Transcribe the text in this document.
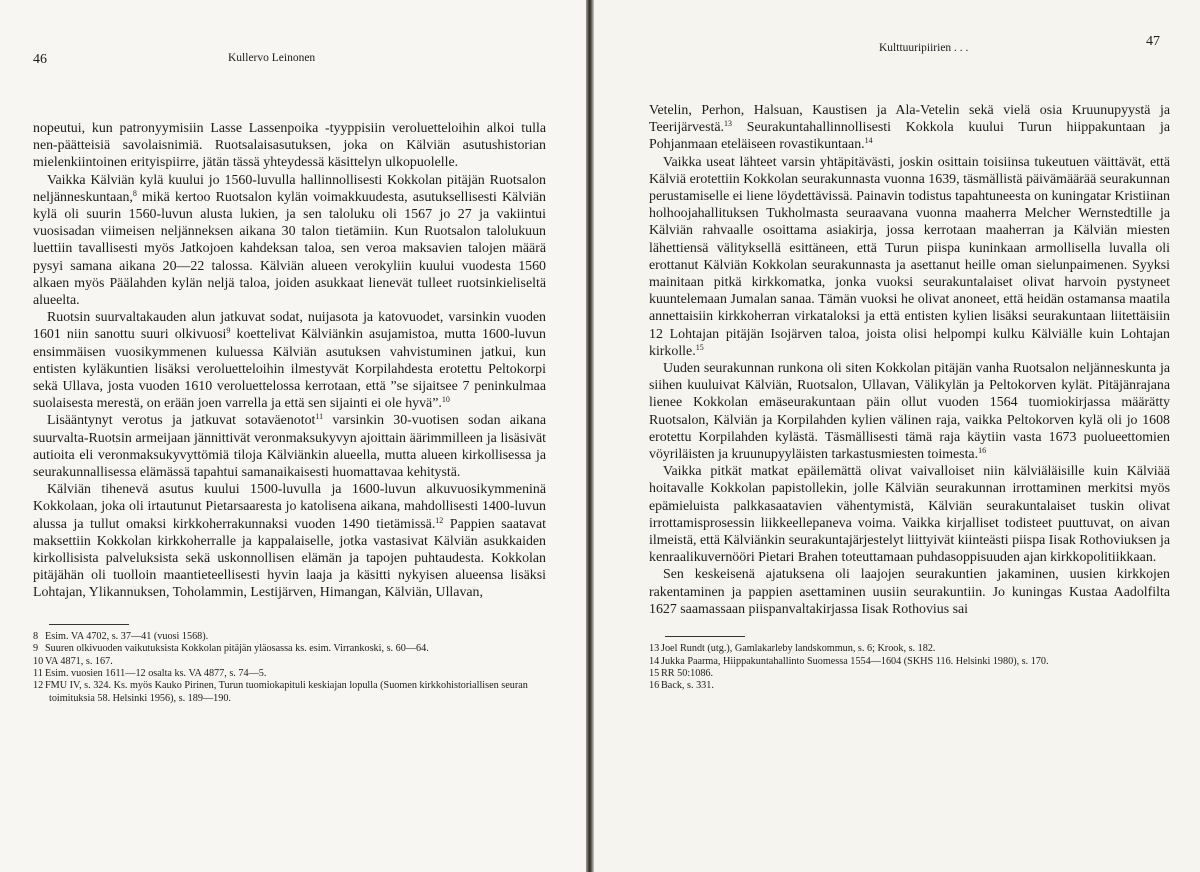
46	Kullervo Leinonen

nopeutui, kun patronyymisiin Lasse Lassenpoika -tyyppisiin veroluetteloihin alkoi tulla nen-päätteisiä savolaisnimiä. Ruotsalaisasutuksen, joka on Kälviän asutushistorian mielenkiintoinen erityispiirre, jätän tässä yhteydessä käsittelyn ulkopuolelle.

Vaikka Kälviän kylä kuului jo 1560-luvulla hallinnollisesti Kokkolan pitäjän Ruotsalon neljänneskuntaan,$^8$ mikä kertoo Ruotsalon kylän voimakkuudesta, asutuksellisesti Kälviän kylä oli suurin 1560-luvun alusta lukien, ja sen taloluku oli 1567 jo 27 ja vakiintui vuosisadan viimeisen neljänneksen aikana 30 talon tietämiin. Kun Ruotsalon talolukuun luettiin tavallisesti myös Jatkojoen kahdeksan taloa, sen veroa maksavien talojen määrä pysyi samana aikana 20—22 talossa. Kälviän alueen verokyliin kuului vuodesta 1560 alkaen myös Päälahden kylän neljä taloa, joiden asukkaat lienevät tulleet ruotsinkieliseltä alueelta.

Ruotsin suurvaltakauden alun jatkuvat sodat, nuijasota ja katovuodet, varsinkin vuoden 1601 niin sanottu suuri olkivuosi$^9$ koettelivat Kälviänkin asujamistoa, mutta 1600-luvun ensimmäisen vuosikymmenen kuluessa Kälviän asutuksen vahvistuminen jatkui, kun entisten kyläkuntien lisäksi veroluetteloihin ilmestyvät Korpilahdesta erotettu Peltokorpi sekä Ullava, josta vuoden 1610 veroluettelossa kerrotaan, että ”se sijaitsee 7 peninkulmaa suolaisesta merestä, on erään joen varrella ja että sen sijainti ei ole hyvä”.$^{10}$

Lisääntynyt verotus ja jatkuvat sotaväenotot$^{11}$ varsinkin 30-vuotisen sodan aikana suurvalta-Ruotsin armeijaan jännittivät veronmaksukyvyn ajoittain äärimmilleen ja lisäsivät autioita eli veronmaksukyvyttömiä tiloja Kälviänkin alueella, mutta alueen kirkollisessa ja seurakunnallisessa elämässä tapahtui samanaikaisesti huomattavaa kehitystä.

Kälviän tihenevä asutus kuului 1500-luvulla ja 1600-luvun alkuvuosikymmeninä Kokkolaan, joka oli irtautunut Pietarsaaresta jo katolisena aikana, mahdollisesti 1400-luvun alussa ja tullut omaksi kirkkoherrakunnaksi vuoden 1490 tietämissä.$^{12}$ Pappien saatavat maksettiin Kokkolan kirkkoherralle ja kappalaiselle, jotka vastasivat Kälviän asukkaiden kirkollisista palveluksista sekä uskonnollisen elämän ja tapojen puhtaudesta. Kokkolan pitäjähän oli tuolloin maantieteellisesti hyvin laaja ja käsitti nykyisen alueensa lisäksi Lohtajan, Ylikannuksen, Toholammin, Lestijärven, Himangan, Kälviän, Ullavan,

8 Esim. VA 4702, s. 37—41 (vuosi 1568).
9 Suuren olkivuoden vaikutuksista Kokkolan pitäjän yläosassa ks. esim. Virrankoski, s. 60—64.
10 VA 4871, s. 167.
11 Esim. vuosien 1611—12 osalta ks. VA 4877, s. 74—5.
12 FMU IV, s. 324. Ks. myös Kauko Pirinen, Turun tuomiokapituli keskiajan lopulla (Suomen kirkkohistoriallisen seuran toimituksia 58. Helsinki 1956), s. 189—190.
Kulttuuripiirien . . .	47

Vetelin, Perhon, Halsuan, Kaustisen ja Ala-Vetelin sekä vielä osia Kruunupyystä ja Teerijärvestä.$^{13}$ Seurakuntahallinnollisesti Kokkola kuului Turun hiippakuntaan ja Pohjanmaan eteläiseen rovastikuntaan.$^{14}$

Vaikka useat lähteet varsin yhtäpitävästi, joskin osittain toisiinsa tukeutuen väittävät, että Kälviä erotettiin Kokkolan seurakunnasta vuonna 1639, täsmällistä päivämäärää seurakunnan perustamiselle ei liene löydettävissä. Painavin todistus tapahtuneesta on kuningatar Kristiinan holhoojahallituksen Tukholmasta seuraavana vuonna maaherra Melcher Wernstedtille ja Kälviän rahvaalle osoittama asiakirja, jossa kerrotaan maaherran ja Kälviän miesten lähettiensä välityksellä esittäneen, että Turun piispa kuninkaan armollisella luvalla oli erottanut Kälviän Kokkolan seurakunnasta ja asettanut heille oman sielunpaimenen. Syyksi mainitaan pitkä kirkkomatka, jonka vuoksi seurakuntalaiset olivat harvoin pystyneet kuuntelemaan Jumalan sanaa. Tämän vuoksi he olivat anoneet, että heidän ostamansa maatila annettaisiin kirkkoherran virkataloksi ja että entisten kylien lisäksi seurakuntaan liitettäisiin 12 Lohtajan pitäjän Isojärven taloa, joista olisi helpompi kulku Kälviälle kuin Lohtajan kirkolle.$^{15}$

Uuden seurakunnan runkona oli siten Kokkolan pitäjän vanha Ruotsalon neljänneskunta ja siihen kuuluivat Kälviän, Ruotsalon, Ullavan, Välikylän ja Peltokorven kylät. Pitäjänrajana lienee Kokkolan emäseurakuntaan päin ollut vuoden 1564 tuomiokirjassa määrätty Ruotsalon, Kälviän ja Korpilahden kylien välinen raja, vaikka Peltokorven kylä oli jo 1608 erotettu Korpilahden kylästä. Täsmällisesti tämä raja käytiin vasta 1673 puolueettomien vöyriläisten ja kruunupyyläisten tarkastusmiesten toimesta.$^{16}$

Vaikka pitkät matkat epäilemättä olivat vaivalloiset niin kälviäläisille kuin Kälviää hoitavalle Kokkolan papistollekin, jolle Kälviän seurakunnan irrottaminen merkitsi myös epämieluista palkkasaatavien vähentymistä, Kälviän seurakuntalaiset tuskin olivat irrottamisprosessin liikkeellepaneva voima. Vaikka kirjalliset todisteet puuttuvat, on aivan ilmeistä, että Kälviänkin seurakuntajärjestelyt liittyivät kiinteästi piispa Iisak Rothoviuksen ja kenraalikuvernööri Pietari Brahen toteuttamaan puhdasoppisuuden ajan kirkkopolitiikkaan.

Sen keskeisenä ajatuksena oli laajojen seurakuntien jakaminen, uusien kirkkojen rakentaminen ja pappien asettaminen uusiin seurakuntiin. Jo kuningas Kustaa Aadolfilta 1627 saamassaan piispanvaltakirjassa Iisak Rothovius sai

13 Joel Rundt (utg.), Gamlakarleby landskommun, s. 6; Krook, s. 182.
14 Jukka Paarma, Hiippakuntahallinto Suomessa 1554—1604 (SKHS 116. Helsinki 1980), s. 170.
15 RR 50:1086.
16 Back, s. 331.
